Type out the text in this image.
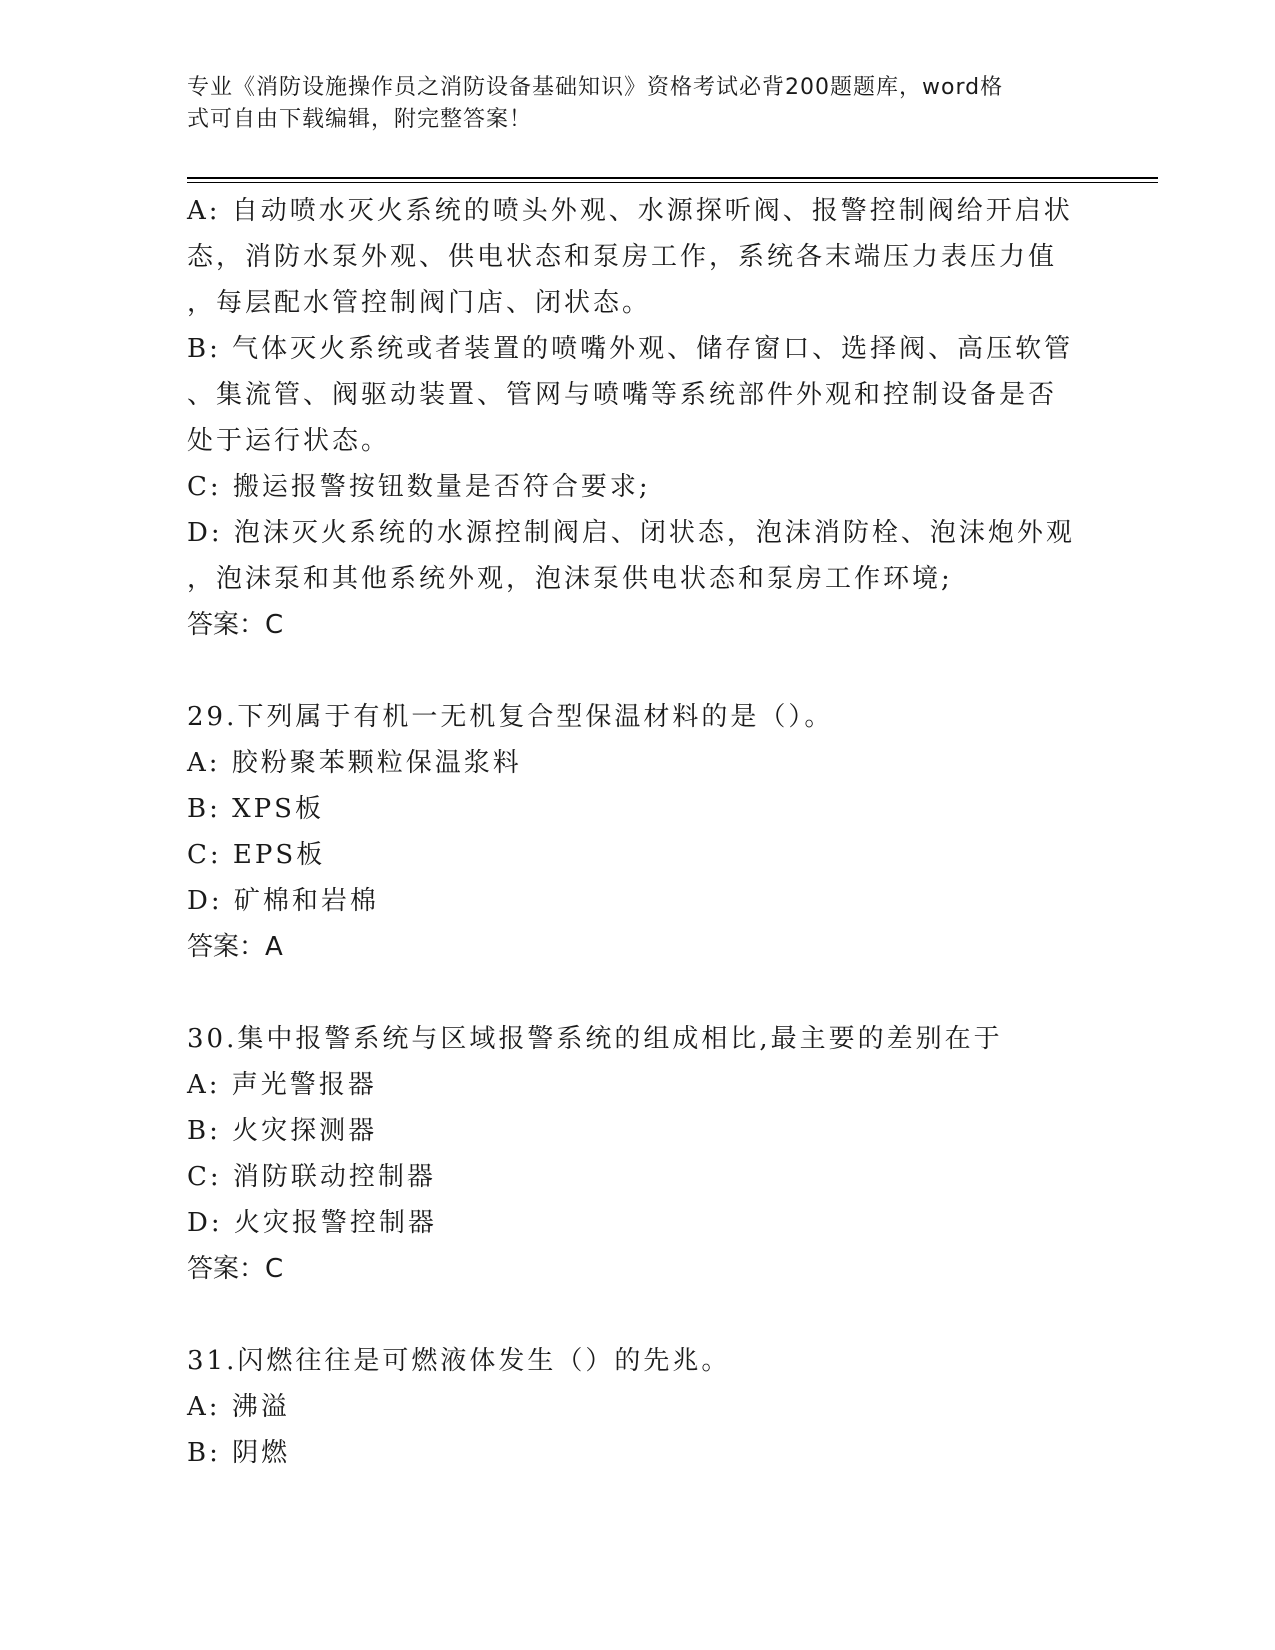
专业《消防设施操作员之消防设备基础知识》资格考试必背200题题库，word格
式可自由下载编辑，附完整答案！
A: 自动喷水灭火系统的喷头外观、水源探听阀、报警控制阀给开启状
态，消防水泵外观、供电状态和泵房工作，系统各末端压力表压力值
，每层配水管控制阀门店、闭状态。
B: 气体灭火系统或者装置的喷嘴外观、储存窗口、选择阀、高压软管
、集流管、阀驱动装置、管网与喷嘴等系统部件外观和控制设备是否
处于运行状态。
C: 搬运报警按钮数量是否符合要求;
D: 泡沫灭火系统的水源控制阀启、闭状态，泡沫消防栓、泡沫炮外观
，泡沫泵和其他系统外观，泡沫泵供电状态和泵房工作环境;
答案：C
29.下列属于有机一无机复合型保温材料的是（）。
A: 胶粉聚苯颗粒保温浆料
B: XPS板
C: EPS板
D: 矿棉和岩棉
答案：A
30.集中报警系统与区域报警系统的组成相比,最主要的差别在于
A: 声光警报器
B: 火灾探测器
C: 消防联动控制器
D: 火灾报警控制器
答案：C
31.闪燃往往是可燃液体发生（）的先兆。
A: 沸溢
B: 阴燃
